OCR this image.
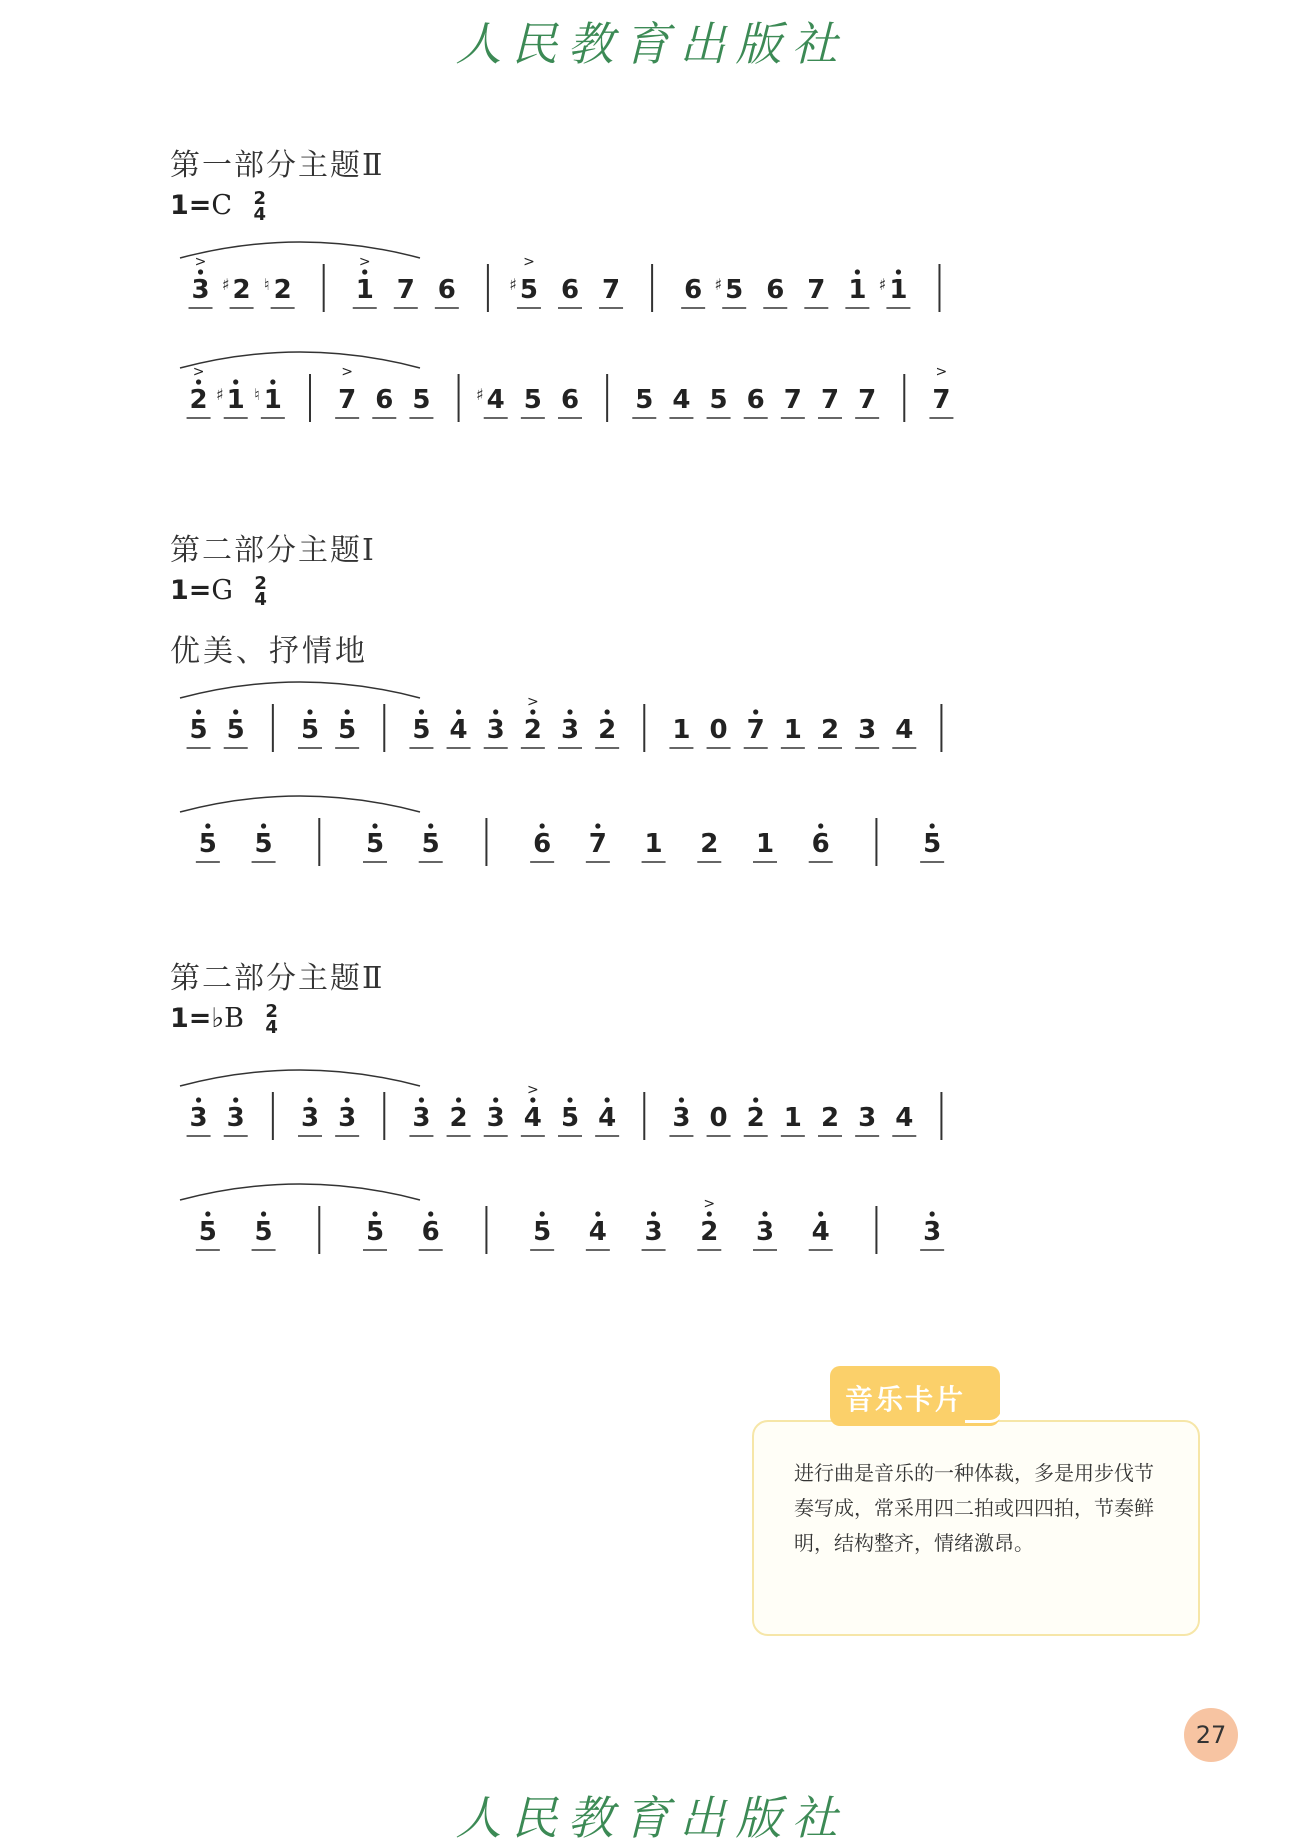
人民教育出版社
第一部分主题Ⅱ
1=C 2
4
第二部分主题Ⅰ
1=G 2
4
优美、抒情地
第二部分主题Ⅱ
1=♭B 2
4
3
>
2
♯ 2
♮	1
>
7 6 5
♯
>
6 7 6 5
♯ 6 7 1 1
♯
2
>
1
♯ 1
♮	7
>
6 5 4
♯ 5 6 5 4 5 6 7 7 7 7
>
5 5 5 5 5 4 3 2
>
3 2 1 0 7 1 2 3 4
5 5	5 5	6 7 1 2 1 6	5
3 3 3 3 3 2 3 4
>
5 4 3 0 2 1 2 3 4
5 5	5 6	5 4 3 2
>
3 4	3
音乐卡片
进行曲是音乐的一种体裁，多是用步伐节奏写成，常采用四二拍或四四拍，节奏鲜明，结构整齐，情绪激昂。
27
人民教育出版社
